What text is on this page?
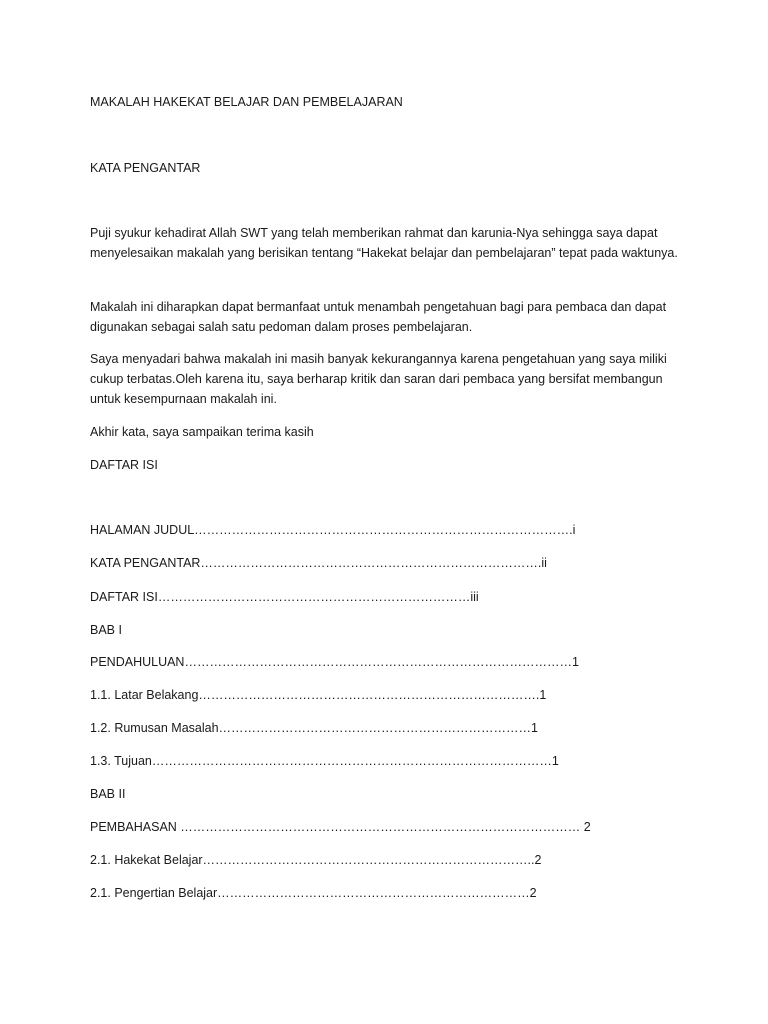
MAKALAH HAKEKAT BELAJAR DAN PEMBELAJARAN
KATA PENGANTAR

Puji syukur kehadirat Allah SWT yang telah memberikan rahmat dan karunia-Nya sehingga saya dapat menyelesaikan makalah yang berisikan tentang “Hakekat belajar dan pembelajaran” tepat pada waktunya.

Makalah ini diharapkan dapat bermanfaat untuk menambah pengetahuan bagi para pembaca dan dapat digunakan sebagai salah satu pedoman dalam proses pembelajaran.

Saya menyadari bahwa makalah ini masih banyak kekurangannya karena pengetahuan yang saya miliki cukup terbatas.Oleh karena itu, saya berharap kritik dan saran dari pembaca yang bersifat membangun untuk kesempurnaan makalah ini.

Akhir kata, saya sampaikan terima kasih

DAFTAR ISI
HALAMAN JUDUL……………………………………………………………………………….i
KATA PENGANTAR……………………………………………………………………….ii
DAFTAR ISI…………………………………………………………………iii
BAB I
PENDAHULUAN…………………………………………………………………………………1
1.1. Latar Belakang……………………………………………………………………….1
1.2. Rumusan Masalah…………………………………………………………………1
1.3. Tujuan……………………………………………………………………………………1
BAB II
PEMBAHASAN …………………………………………………………………………………… 2
2.1. Hakekat Belajar……………………………………………………………………..2
2.1. Pengertian Belajar…………………………………………………………………2
